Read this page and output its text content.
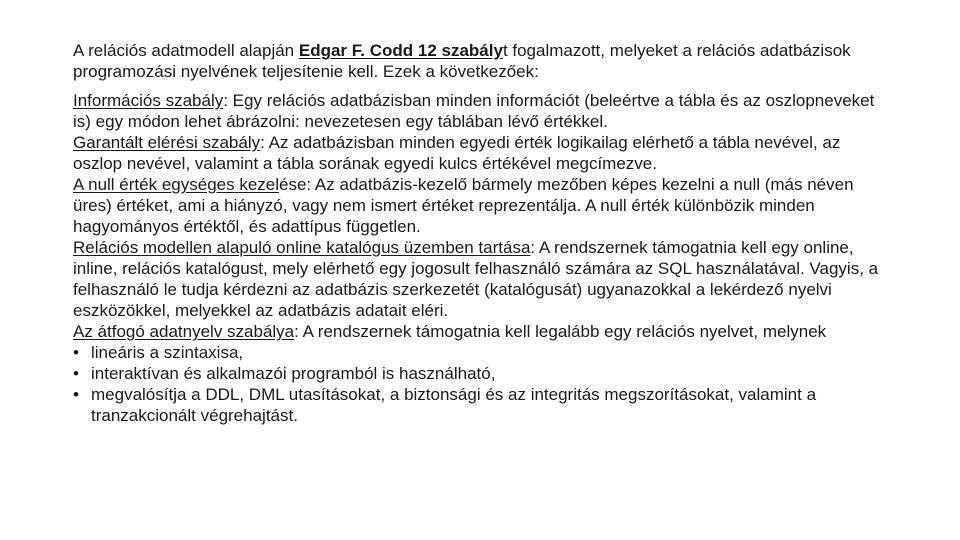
A relációs adatmodell alapján Edgar F. Codd 12 szabályt fogalmazott, melyeket a relációs adatbázisok programozási nyelvének teljesítenie kell. Ezek a következőek:

Információs szabály: Egy relációs adatbázisban minden információt (beleértve a tábla és az oszlopneveket is) egy módon lehet ábrázolni: nevezetesen egy táblában lévő értékkel.

Garantált elérési szabály: Az adatbázisban minden egyedi érték logikailag elérhető a tábla nevével, az oszlop nevével, valamint a tábla sorának egyedi kulcs értékével megcímezve.

A null érték egységes kezelése: Az adatbázis-kezelő bármely mezőben képes kezelni a null (más néven üres) értéket, ami a hiányzó, vagy nem ismert értéket reprezentálja. A null érték különbözik minden hagyományos értéktől, és adattípus független.

Relációs modellen alapuló online katalógus üzemben tartása: A rendszernek támogatnia kell egy online, inline, relációs katalógust, mely elérhető egy jogosult felhasználó számára az SQL használatával. Vagyis, a felhasználó le tudja kérdezni az adatbázis szerkezetét (katalógusát) ugyanazokkal a lekérdező nyelvi eszközökkel, melyekkel az adatbázis adatait eléri.

Az átfogó adatnyelv szabálya: A rendszernek támogatnia kell legalább egy relációs nyelvet, melynek

• lineáris a szintaxisa,
• interaktívan és alkalmazói programból is használható,
• megvalósítja a DDL, DML utasításokat, a biztonsági és az integritás megszorításokat, valamint a tranzakcionált végrehajtást.
